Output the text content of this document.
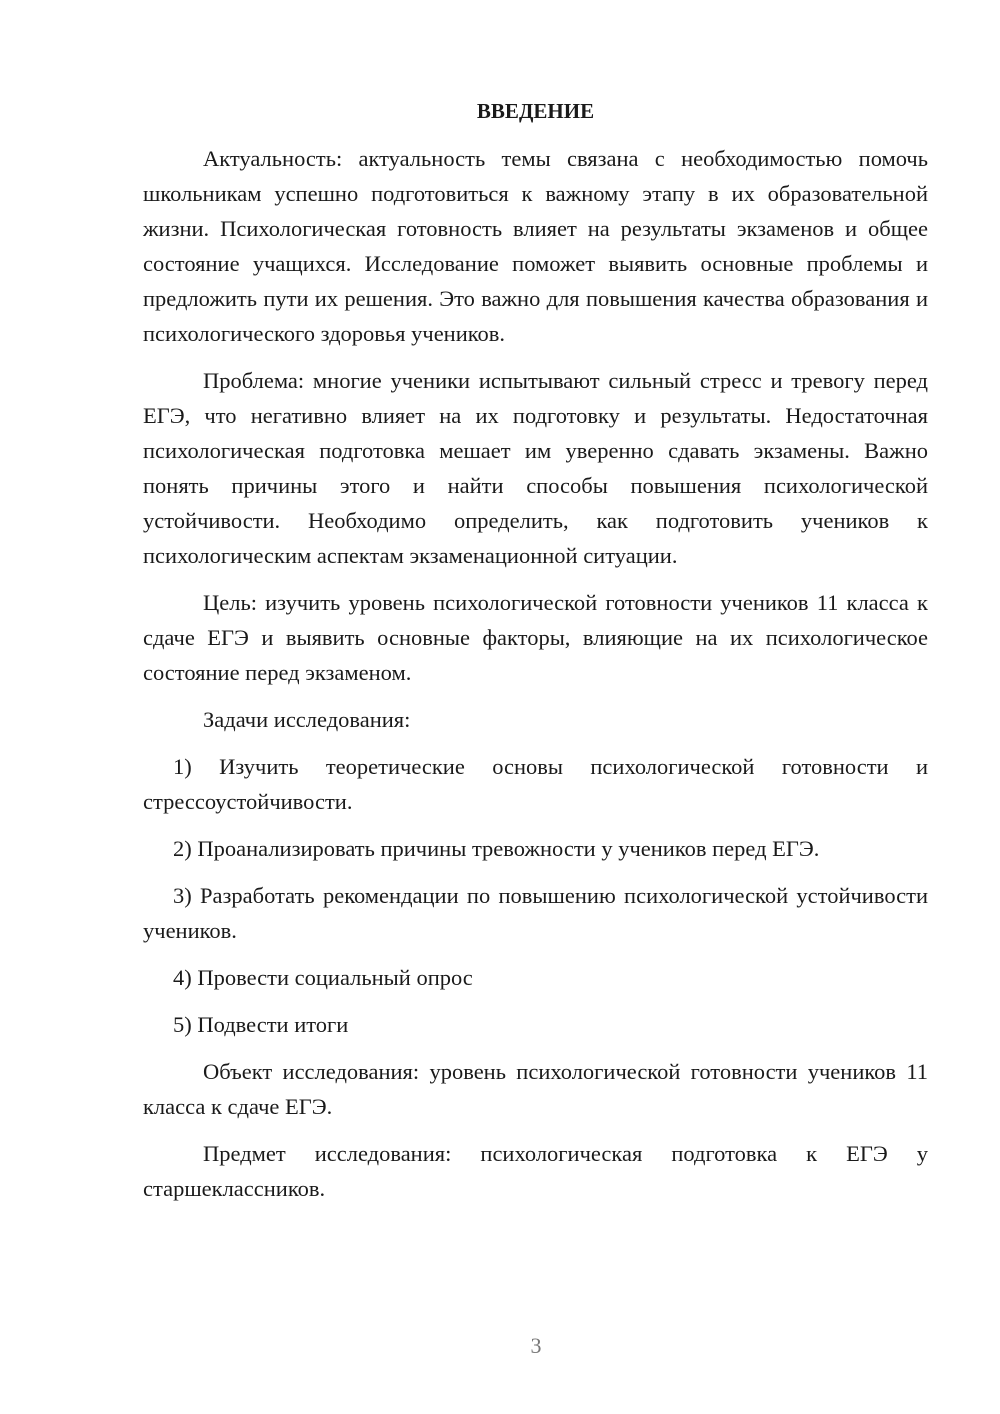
ВВЕДЕНИЕ

Актуальность: актуальность темы связана с необходимостью помочь школьникам успешно подготовиться к важному этапу в их образовательной жизни. Психологическая готовность влияет на результаты экзаменов и общее состояние учащихся. Исследование поможет выявить основные проблемы и предложить пути их решения. Это важно для повышения качества образования и психологического здоровья учеников.

Проблема: многие ученики испытывают сильный стресс и тревогу перед ЕГЭ, что негативно влияет на их подготовку и результаты. Недостаточная психологическая подготовка мешает им уверенно сдавать экзамены. Важно понять причины этого и найти способы повышения психологической устойчивости. Необходимо определить, как подготовить учеников к психологическим аспектам экзаменационной ситуации.

Цель: изучить уровень психологической готовности учеников 11 класса к сдаче ЕГЭ и выявить основные факторы, влияющие на их психологическое состояние перед экзаменом.

Задачи исследования:

1) Изучить теоретические основы психологической готовности и стрессоустойчивости.

2) Проанализировать причины тревожности у учеников перед ЕГЭ.

3) Разработать рекомендации по повышению психологической устойчивости учеников.

4) Провести социальный опрос

5) Подвести итоги

Объект исследования: уровень психологической готовности учеников 11 класса к сдаче ЕГЭ.

Предмет исследования: психологическая подготовка к ЕГЭ у старшеклассников.

3
